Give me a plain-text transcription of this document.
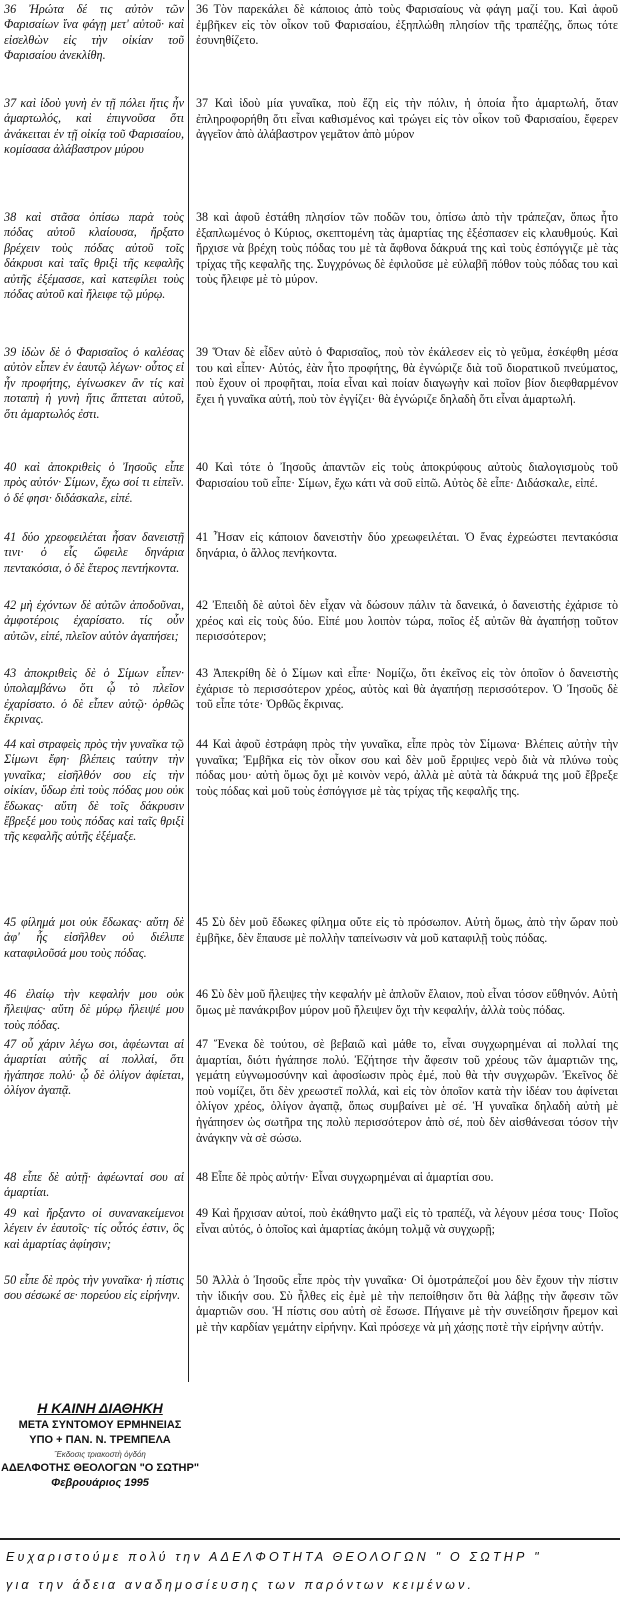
36 Ἠρώτα δέ τις αὐτὸν τῶν Φαρισαίων ἵνα φάγῃ μετ' αὐτοῦ· καὶ εἰσελθὼν εἰς τὴν οἰκίαν τοῦ Φαρισαίου ἀνεκλίθη.
37 καὶ ἰδοὺ γυνὴ ἐν τῇ πόλει ἥτις ἦν ἁμαρτωλός, καὶ ἐπιγνοῦσα ὅτι ἀνάκειται ἐν τῇ οἰκίᾳ τοῦ Φαρισαίου, κομίσασα ἀλάβαστρον μύρου
38 καὶ στᾶσα ὀπίσω παρὰ τοὺς πόδας αὐτοῦ κλαίουσα, ἤρξατο βρέχειν τοὺς πόδας αὐτοῦ τοῖς δάκρυσι καὶ ταῖς θριξὶ τῆς κεφαλῆς αὐτῆς ἐξέμασσε, καὶ κατεφίλει τοὺς πόδας αὐτοῦ καὶ ἤλειφε τῷ μύρῳ.
39 ἰδὼν δὲ ὁ Φαρισαῖος ὁ καλέσας αὐτὸν εἶπεν ἐν ἑαυτῷ λέγων· οὗτος εἰ ἦν προφήτης, ἐγίνωσκεν ἂν τίς καὶ ποταπὴ ἡ γυνὴ ἥτις ἅπτεται αὐτοῦ, ὅτι ἁμαρτωλός ἐστι.
40 καὶ ἀποκριθεὶς ὁ Ἰησοῦς εἶπε πρὸς αὐτόν· Σίμων, ἔχω σοί τι εἰπεῖν. ὁ δέ φησι· διδάσκαλε, εἰπέ.
41 δύο χρεοφειλέται ἦσαν δανειστῇ τινι· ὁ εἷς ὤφειλε δηνάρια πεντακόσια, ὁ δὲ ἕτερος πεντήκοντα.
42 μὴ ἐχόντων δὲ αὐτῶν ἀποδοῦναι, ἀμφοτέροις ἐχαρίσατο. τίς οὖν αὐτῶν, εἰπέ, πλεῖον αὐτὸν ἀγαπήσει;
43 ἀποκριθεὶς δὲ ὁ Σίμων εἶπεν· ὑπολαμβάνω ὅτι ᾧ τὸ πλεῖον ἐχαρίσατο. ὁ δὲ εἶπεν αὐτῷ· ὀρθῶς ἔκρινας.
44 καὶ στραφεὶς πρὸς τὴν γυναῖκα τῷ Σίμωνι ἔφη· βλέπεις ταύτην τὴν γυναῖκα; εἰσῆλθόν σου εἰς τὴν οἰκίαν, ὕδωρ ἐπὶ τοὺς πόδας μου οὐκ ἔδωκας· αὕτη δὲ τοῖς δάκρυσιν ἔβρεξέ μου τοὺς πόδας καὶ ταῖς θριξὶ τῆς κεφαλῆς αὐτῆς ἐξέμαξε.
45 φίλημά μοι οὐκ ἔδωκας· αὕτη δὲ ἀφ' ἧς εἰσῆλθεν οὐ διέλιπε καταφιλοῦσά μου τοὺς πόδας.
46 ἐλαίῳ τὴν κεφαλήν μου οὐκ ἤλειψας· αὕτη δὲ μύρῳ ἤλειψέ μου τοὺς πόδας.
47 οὗ χάριν λέγω σοι, ἀφέωνται αἱ ἁμαρτίαι αὐτῆς αἱ πολλαί, ὅτι ἠγάπησε πολύ· ᾧ δὲ ὀλίγον ἀφίεται, ὀλίγον ἀγαπᾷ.
48 εἶπε δὲ αὐτῇ· ἀφέωνταί σου αἱ ἁμαρτίαι.
49 καὶ ἤρξαντο οἱ συνανακείμενοι λέγειν ἐν ἑαυτοῖς· τίς οὗτός ἐστιν, ὃς καὶ ἁμαρτίας ἀφίησιν;
50 εἶπε δὲ πρὸς τὴν γυναῖκα· ἡ πίστις σου σέσωκέ σε· πορεύου εἰς εἰρήνην.
36 Τὸν παρεκάλει δὲ κάποιος ἀπὸ τοὺς Φαρισαίους νὰ φάγη μαζί του. Καὶ ἀφοῦ ἐμβῆκεν εἰς τὸν οἶκον τοῦ Φαρισαίου, ἐξηπλώθη πλησίον τῆς τραπέζης, ὅπως τότε ἐσυνηθίζετο.
37 Καὶ ἰδοὺ μία γυναῖκα, ποὺ ἔζη εἰς τὴν πόλιν, ἡ ὁποία ἦτο ἁμαρτωλή, ὅταν ἐπληροφορήθη ὅτι εἶναι καθισμένος καὶ τρώγει εἰς τὸν οἶκον τοῦ Φαρισαίου, ἔφερεν ἀγγεῖον ἀπὸ ἀλάβαστρον γεμᾶτον ἀπὸ μύρον
38 καὶ ἀφοῦ ἐστάθη πλησίον τῶν ποδῶν του, ὀπίσω ἀπὸ τὴν τράπεζαν, ὅπως ἦτο ἐξαπλωμένος ὁ Κύριος, σκεπτομένη τὰς ἁμαρτίας της ἐξέσπασεν εἰς κλαυθμούς. Καὶ ἤρχισε νὰ βρέχη τοὺς πόδας του μὲ τὰ ἄφθονα δάκρυά της καὶ τοὺς ἐσπόγγιζε μὲ τὰς τρίχας τῆς κεφαλῆς της. Συγχρόνως δὲ ἐφιλοῦσε μὲ εὐλαβῆ πόθον τοὺς πόδας του καὶ τοὺς ἤλειφε μὲ τὸ μύρον.
39 Ὅταν δὲ εἶδεν αὐτὸ ὁ Φαρισαῖος, ποὺ τὸν ἐκάλεσεν εἰς τὸ γεῦμα, ἐσκέφθη μέσα του καὶ εἶπεν· Αὐτός, ἐὰν ἦτο προφήτης, θὰ ἐγνώριζε διὰ τοῦ διορατικοῦ πνεύματος, ποὺ ἔχουν οἱ προφῆται, ποία εἶναι καὶ ποίαν διαγωγὴν καὶ ποῖον βίον διεφθαρμένον ἔχει ἡ γυναῖκα αὐτή, ποὺ τὸν ἐγγίζει· θὰ ἐγνώριζε δηλαδὴ ὅτι εἶναι ἁμαρτωλή.
40 Καὶ τότε ὁ Ἰησοῦς ἀπαντῶν εἰς τοὺς ἀποκρύφους αὐτοὺς διαλογισμοὺς τοῦ Φαρισαίου τοῦ εἶπε· Σίμων, ἔχω κάτι νὰ σοῦ εἰπῶ. Αὐτὸς δὲ εἶπε· Διδάσκαλε, εἰπέ.
41 Ἦσαν εἰς κάποιον δανειστὴν δύο χρεωφειλέται. Ὁ ἕνας ἐχρεώστει πεντακόσια δηνάρια, ὁ ἄλλος πενήκοντα.
42 Ἐπειδὴ δὲ αὐτοὶ δὲν εἶχαν νὰ δώσουν πάλιν τὰ δανεικά, ὁ δανειστὴς ἐχάρισε τὸ χρέος καὶ εἰς τοὺς δύο. Εἰπέ μου λοιπὸν τώρα, ποῖος ἐξ αὐτῶν θὰ ἀγαπήσῃ τοῦτον περισσότερον;
43 Ἀπεκρίθη δὲ ὁ Σίμων καὶ εἶπε· Νομίζω, ὅτι ἐκεῖνος εἰς τὸν ὁποῖον ὁ δανειστὴς ἐχάρισε τὸ περισσότερον χρέος, αὐτὸς καὶ θὰ ἀγαπήσῃ περισσότερον. Ὁ Ἰησοῦς δὲ τοῦ εἶπε τότε· Ὀρθῶς ἔκρινας.
44 Καὶ ἀφοῦ ἐστράφη πρὸς τὴν γυναῖκα, εἶπε πρὸς τὸν Σίμωνα· Βλέπεις αὐτὴν τὴν γυναῖκα; Ἐμβῆκα εἰς τὸν οἶκον σου καὶ δὲν μοῦ ἔρριψες νερὸ διὰ νὰ πλύνω τοὺς πόδας μου· αὐτὴ ὅμως ὄχι μὲ κοινὸν νερό, ἀλλὰ μὲ αὐτὰ τὰ δάκρυά της μοῦ ἔβρεξε τοὺς πόδας καὶ μοῦ τοὺς ἐσπόγγισε μὲ τὰς τρίχας τῆς κεφαλῆς της.
45 Σὺ δὲν μοῦ ἔδωκες φίλημα οὔτε εἰς τὸ πρόσωπον. Αὐτὴ ὅμως, ἀπὸ τὴν ὥραν ποὺ ἐμβῆκε, δὲν ἔπαυσε μὲ πολλὴν ταπείνωσιν νὰ μοῦ καταφιλῇ τοὺς πόδας.
46 Σὺ δὲν μοῦ ἤλειψες τὴν κεφαλήν μὲ ἁπλοῦν ἔλαιον, ποὺ εἶναι τόσον εὔθηνόν. Αὐτὴ ὅμως μὲ πανάκριβον μύρον μοῦ ἤλειψεν ὄχι τὴν κεφαλήν, ἀλλὰ τοὺς πόδας.
47 Ἕνεκα δὲ τούτου, σὲ βεβαιῶ καὶ μάθε το, εἶναι συγχωρημέναι αἱ πολλαί της ἁμαρτίαι, διότι ἠγάπησε πολύ. Ἐζήτησε τὴν ἄφεσιν τοῦ χρέους τῶν ἁμαρτιῶν της, γεμάτη εὐγνωμοσύνην καὶ ἀφοσίωσιν πρὸς ἐμέ, ποὺ θὰ τὴν συγχωρῶν. Ἐκεῖνος δὲ ποὺ νομίζει, ὅτι δὲν χρεωστεῖ πολλά, καὶ εἰς τὸν ὁποῖον κατὰ τὴν ἰδέαν του ἀφίνεται ὀλίγον χρέος, ὀλίγον ἀγαπᾷ, ὅπως συμβαίνει μὲ σέ. Ἡ γυναῖκα δηλαδὴ αὐτὴ μὲ ἠγάπησεν ὡς σωτῆρα της πολὺ περισσότερον ἀπὸ σέ, ποὺ δὲν αἰσθάνεσαι τόσον τὴν ἀνάγκην νὰ σὲ σώσω.
48 Εἶπε δὲ πρὸς αὐτήν· Εἶναι συγχωρημέναι αἱ ἁμαρτίαι σου.
49 Καὶ ἤρχισαν αὐτοί, ποὺ ἐκάθηντο μαζὶ εἰς τὸ τραπέζι, νὰ λέγουν μέσα τους· Ποῖος εἶναι αὐτός, ὁ ὁποῖος καὶ ἁμαρτίας ἀκόμη τολμᾷ νὰ συγχωρῇ;
50 Ἀλλὰ ὁ Ἰησοῦς εἶπε πρὸς τὴν γυναῖκα· Οἱ ὁμοτράπεζοί μου δὲν ἔχουν τὴν πίστιν τὴν ἰδικήν σου. Σὺ ἦλθες εἰς ἐμὲ μὲ τὴν πεποίθησιν ὅτι θὰ λάβῃς τὴν ἄφεσιν τῶν ἁμαρτιῶν σου. Ἡ πίστις σου αὐτὴ σὲ ἔσωσε. Πήγαινε μὲ τὴν συνείδησιν ἤρεμον καὶ μὲ τὴν καρδίαν γεμάτην εἰρήνην. Καὶ πρόσεχε νὰ μὴ χάσῃς ποτὲ τὴν εἰρήνην αὐτήν.
Η ΚΑΙΝΗ ΔΙΑΘΗΚΗ
ΜΕΤΑ ΣΥΝΤΟΜΟΥ ΕΡΜΗΝΕΙΑΣ
ΥΠΟ + ΠΑΝ. Ν. ΤΡΕΜΠΕΛΑ
Ἔκδοσις τριακοστὴ ὀγδόη
ΑΔΕΛΦΟΤΗΣ ΘΕΟΛΟΓΩΝ "Ο ΣΩΤΗΡ"
Φεβρουάριος 1995
Ευχαριστούμε πολύ την ΑΔΕΛΦΟΤΗΤΑ ΘΕΟΛΟΓΩΝ " Ο ΣΩΤΗΡ "
για την άδεια αναδημοσίευσης των παρόντων κειμένων.
